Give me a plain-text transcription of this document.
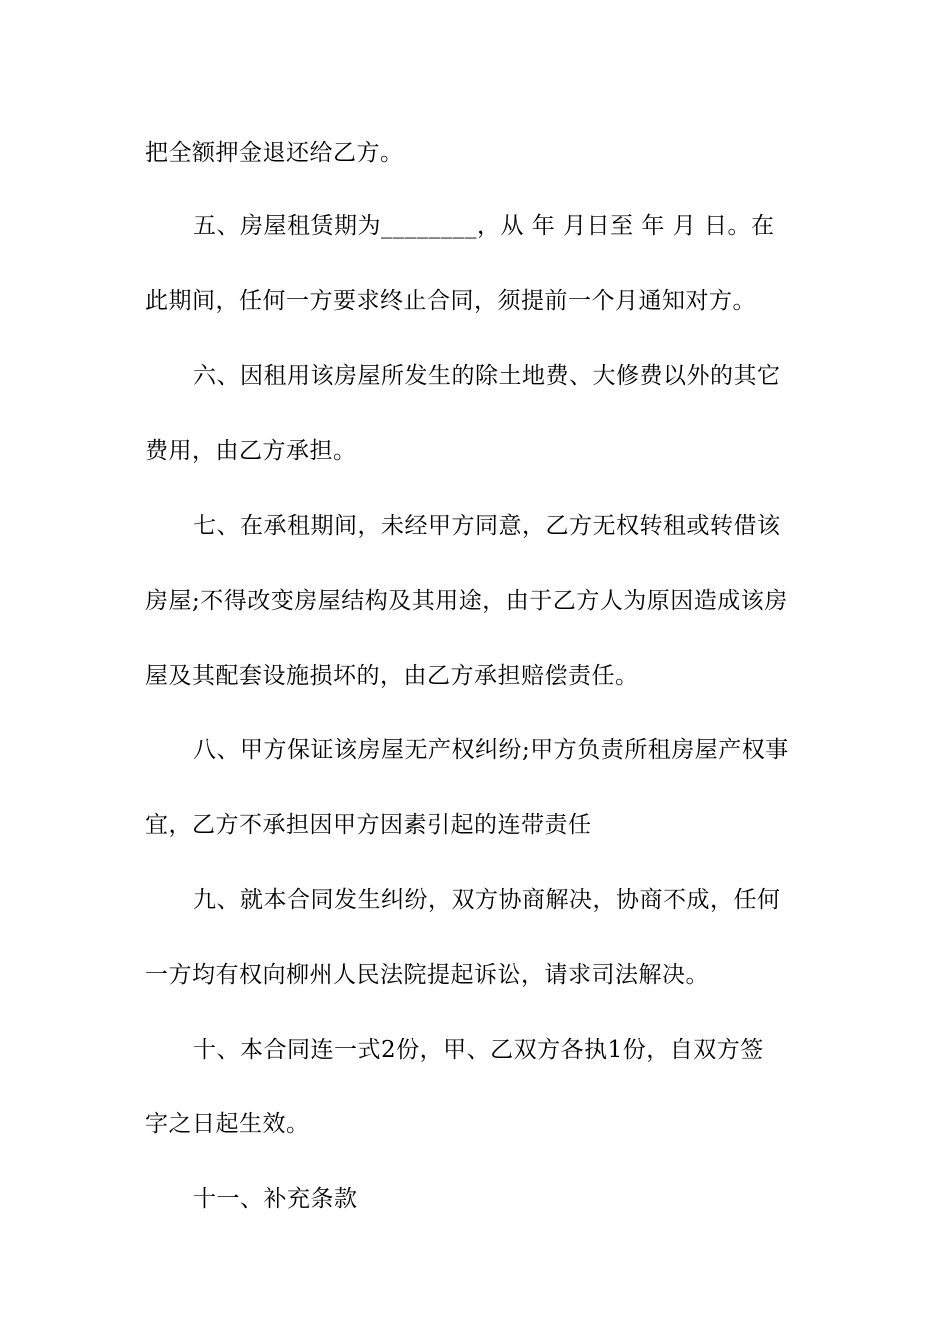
把全额押金退还给乙方。
五、房屋租赁期为________，从 年 月日至 年 月 日。在
此期间，任何一方要求终止合同，须提前一个月通知对方。
六、因租用该房屋所发生的除土地费、大修费以外的其它
费用，由乙方承担。
七、在承租期间，未经甲方同意，乙方无权转租或转借该
房屋;不得改变房屋结构及其用途，由于乙方人为原因造成该房
屋及其配套设施损坏的，由乙方承担赔偿责任。
八、甲方保证该房屋无产权纠纷;甲方负责所租房屋产权事
宜，乙方不承担因甲方因素引起的连带责任
九、就本合同发生纠纷，双方协商解决，协商不成，任何
一方均有权向柳州人民法院提起诉讼，请求司法解决。
十、本合同连一式2份，甲、乙双方各执1份，自双方签
字之日起生效。
十一、补充条款
